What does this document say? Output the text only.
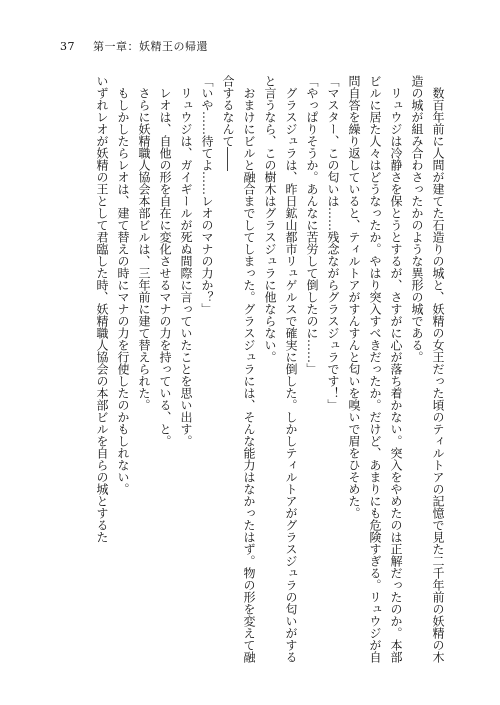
37 第一章：妖精王の帰還

数百年前に人間が建てた石造りの城と、妖精の女王だった頃のティルトアの記憶で見た二千年前の妖精の木造の城が組み合わさったかのような異形の城である。

リュウジは冷静さを保とうとするが、さすがに心が落ち着かない。突入をやめたのは正解だったのか。本部ビルに居た人々はどうなったか。やはり突入すべきだったか。だけど、あまりにも危険すぎる。リュウジが自問自答を繰り返していると、ティルトアがすんすんと匂いを嗅いで眉をひそめた。

「マスター、この匂いは……残念ながらグラスジュラです！」

「やっぱりそうか。あんなに苦労して倒したのに……」

グラスジュラは、昨日鉱山都市リュゲルスで確実に倒した。しかしティルトアがグラスジュラの匂いがすると言うなら、この樹木はグラスジュラに他ならない。

おまけにビルと融合までしてしまった。グラスジュラには、そんな能力はなかったはず。物の形を変えて融合するなんて――

「いや……待てよ……レオのマナの力か？」

リュウジは、ガイギールが死ぬ間際に言っていたことを思い出す。

レオは、自他の形を自在に変化させるマナの力を持っている、と。

さらに妖精職人協会本部ビルは、三年前に建て替えられた。

もしかしたらレオは、建て替えの時にマナの力を行使したのかもしれない。

いずれレオが妖精の王として君臨した時、妖精職人協会の本部ビルを自らの城とするた
